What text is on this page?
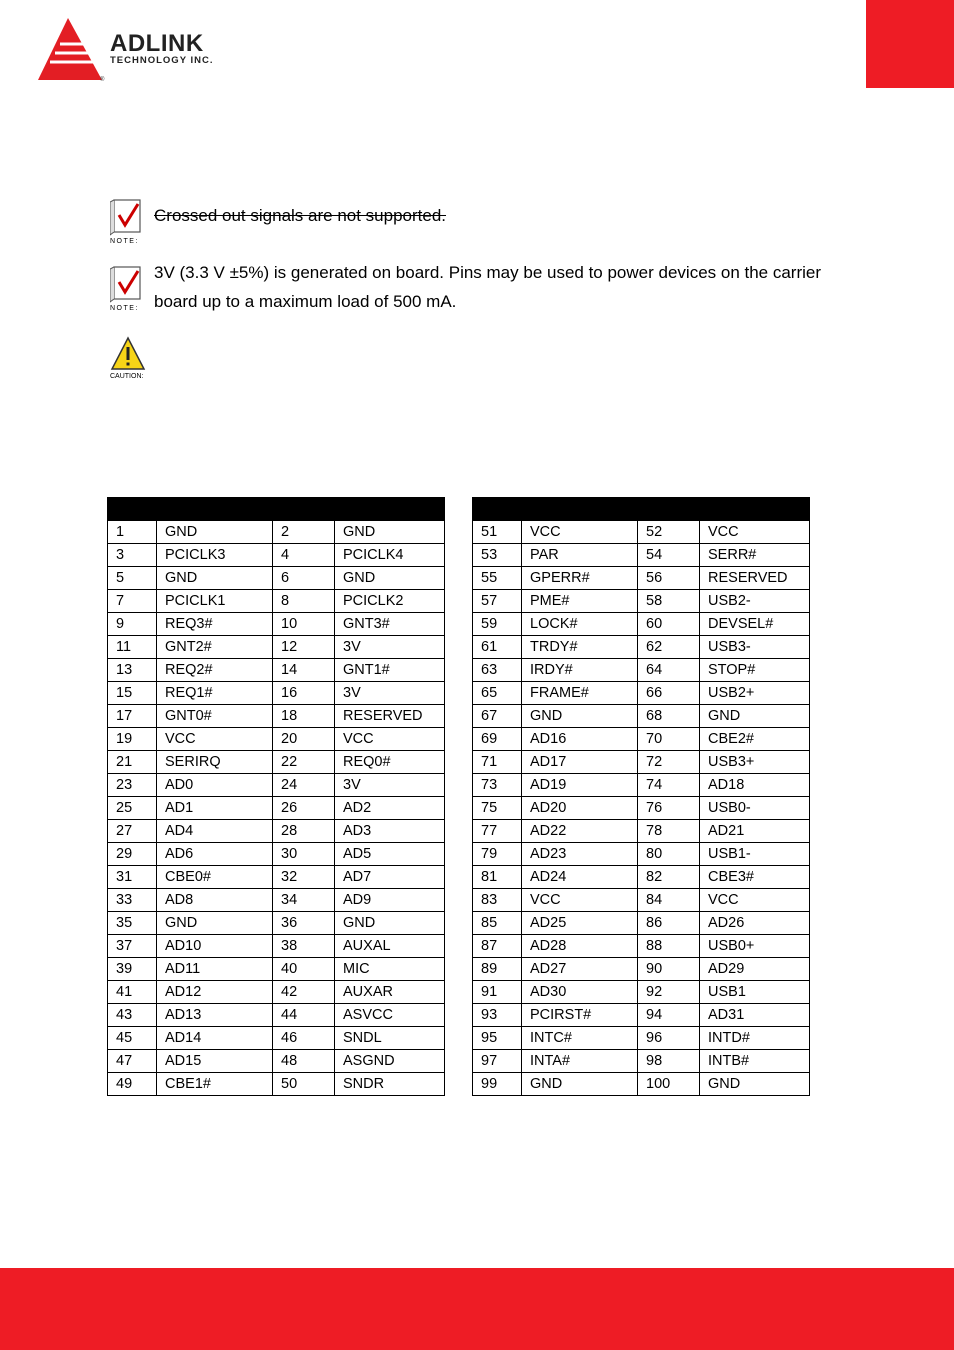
®
ADLINK
TECHNOLOGY INC.
NOTE:
Crossed out signals are not supported.
NOTE:
3V (3.3 V ±5%) is generated on board. Pins may be used to power devices on the carrier board up to a maximum load of 500 mA.
CAUTION:

1	GND	2	GND
3	PCICLK3	4	PCICLK4
5	GND	6	GND
7	PCICLK1	8	PCICLK2
9	REQ3#	10	GNT3#
11	GNT2#	12	3V
13	REQ2#	14	GNT1#
15	REQ1#	16	3V
17	GNT0#	18	RESERVED
19	VCC	20	VCC
21	SERIRQ	22	REQ0#
23	AD0	24	3V
25	AD1	26	AD2
27	AD4	28	AD3
29	AD6	30	AD5
31	CBE0#	32	AD7
33	AD8	34	AD9
35	GND	36	GND
37	AD10	38	AUXAL
39	AD11	40	MIC
41	AD12	42	AUXAR
43	AD13	44	ASVCC
45	AD14	46	SNDL
47	AD15	48	ASGND
49	CBE1#	50	SNDR

51	VCC	52	VCC
53	PAR	54	SERR#
55	GPERR#	56	RESERVED
57	PME#	58	USB2-
59	LOCK#	60	DEVSEL#
61	TRDY#	62	USB3-
63	IRDY#	64	STOP#
65	FRAME#	66	USB2+
67	GND	68	GND
69	AD16	70	CBE2#
71	AD17	72	USB3+
73	AD19	74	AD18
75	AD20	76	USB0-
77	AD22	78	AD21
79	AD23	80	USB1-
81	AD24	82	CBE3#
83	VCC	84	VCC
85	AD25	86	AD26
87	AD28	88	USB0+
89	AD27	90	AD29
91	AD30	92	USB1
93	PCIRST#	94	AD31
95	INTC#	96	INTD#
97	INTA#	98	INTB#
99	GND	100	GND
